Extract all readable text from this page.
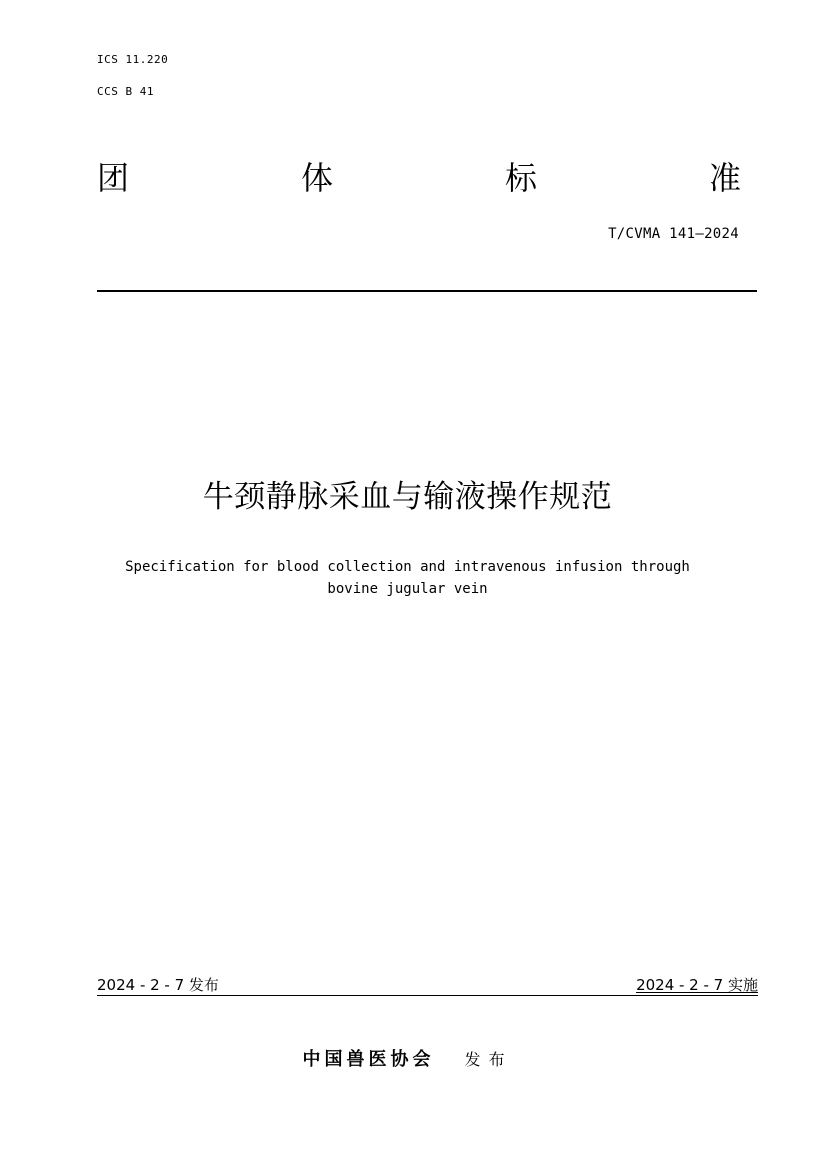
ICS 11.220
CCS B 41
团	体	标	准
T/CVMA 141—2024
牛颈静脉采血与输液操作规范
Specification for blood collection and intravenous infusion through
bovine jugular vein
2024 - 2 - 7 发布	2024 - 2 - 7 实施
中国兽医协会 发布
